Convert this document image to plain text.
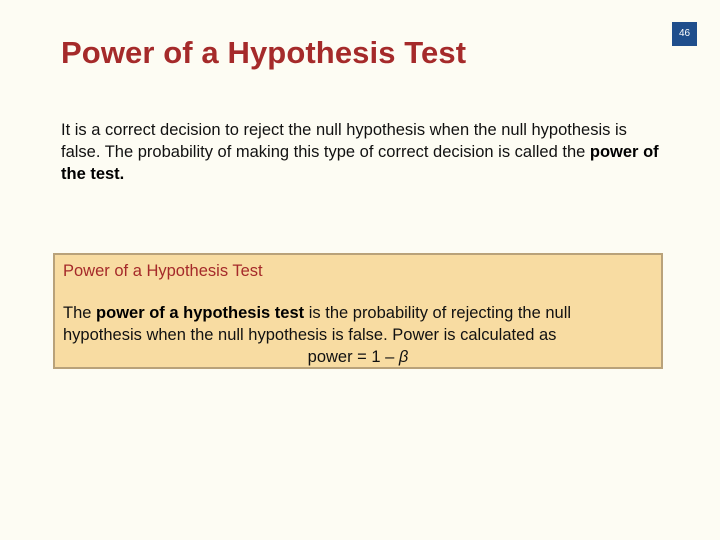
46
Power of a Hypothesis Test

It is a correct decision to reject the null hypothesis when the null hypothesis is false. The probability of making this type of correct decision is called the power of the test.

Power of a Hypothesis Test

The power of a hypothesis test is the probability of rejecting the null hypothesis when the null hypothesis is false. Power is calculated as

power = 1 – β
